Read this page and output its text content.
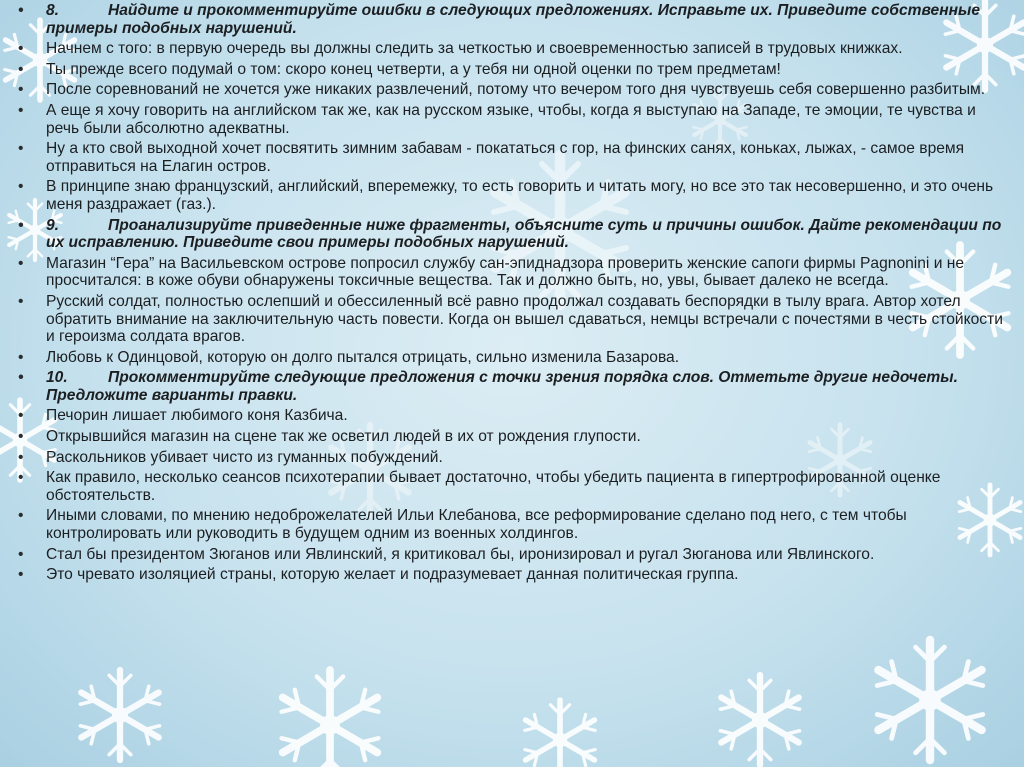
•	8.	Найдите и прокомментируйте ошибки в следующих предложениях. Исправьте их. Приведите собственные примеры подобных нарушений.
•	Начнем с того: в первую очередь вы должны следить за четкостью и своевременностью записей в трудовых книжках.
•	Ты прежде всего подумай о том: скоро конец четверти, а у тебя ни одной оценки по трем предметам!
•	После соревнований не хочется уже никаких развлечений, потому что вечером того дня чувствуешь себя совершенно разбитым.
•	А еще я хочу говорить на английском так же, как на русском языке, чтобы, когда я выступаю на Западе, те эмоции, те чувства и речь были абсолютно адекватны.
•	Ну а кто свой выходной хочет посвятить зимним забавам - покататься с гор, на финских санях, коньках, лыжах, - самое время отправиться на Елагин остров.
•	В принципе знаю французский, английский, вперемежку, то есть говорить и читать могу, но все это так несовершенно, и это очень меня раздражает (газ.).
•	9.	Проанализируйте приведенные ниже фрагменты, объясните суть и причины ошибок. Дайте рекомендации по их исправлению. Приведите свои примеры подобных нарушений.
•	Магазин “Гера” на Васильевском острове попросил службу сан-эпиднадзора проверить женские сапоги фирмы Pagnonini и не просчитался: в коже обуви обнаружены токсичные вещества. Так и должно быть, но, увы, бывает далеко не всегда.
•	Русский солдат, полностью ослепший и обессиленный всё равно продолжал создавать беспорядки в тылу врага. Автор хотел обратить внимание на заключительную часть повести. Когда он вышел сдаваться, немцы встречали с почестями в честь стойкости и героизма солдата врагов.
•	Любовь к Одинцовой, которую он долго пытался отрицать, сильно изменила Базарова.
•	10.	Прокомментируйте следующие предложения с точки зрения порядка слов. Отметьте другие недочеты. Предложите варианты правки.
•	Печорин лишает любимого коня Казбича.
•	Открывшийся магазин на сцене так же осветил людей в их от рождения глупости.
•	Раскольников убивает чисто из гуманных побуждений.
•	Как правило, несколько сеансов психотерапии бывает достаточно, чтобы убедить пациента в гипертрофированной оценке обстоятельств.
•	Иными словами, по мнению недоброжелателей Ильи Клебанова, все реформирование сделано под него, с тем чтобы контролировать или руководить в будущем одним из военных холдингов.
•	Стал бы президентом Зюганов или Явлинский, я критиковал бы, иронизировал и ругал Зюганова или Явлинского.
•	Это чревато изоляцией страны, которую желает и подразумевает данная политическая группа.
